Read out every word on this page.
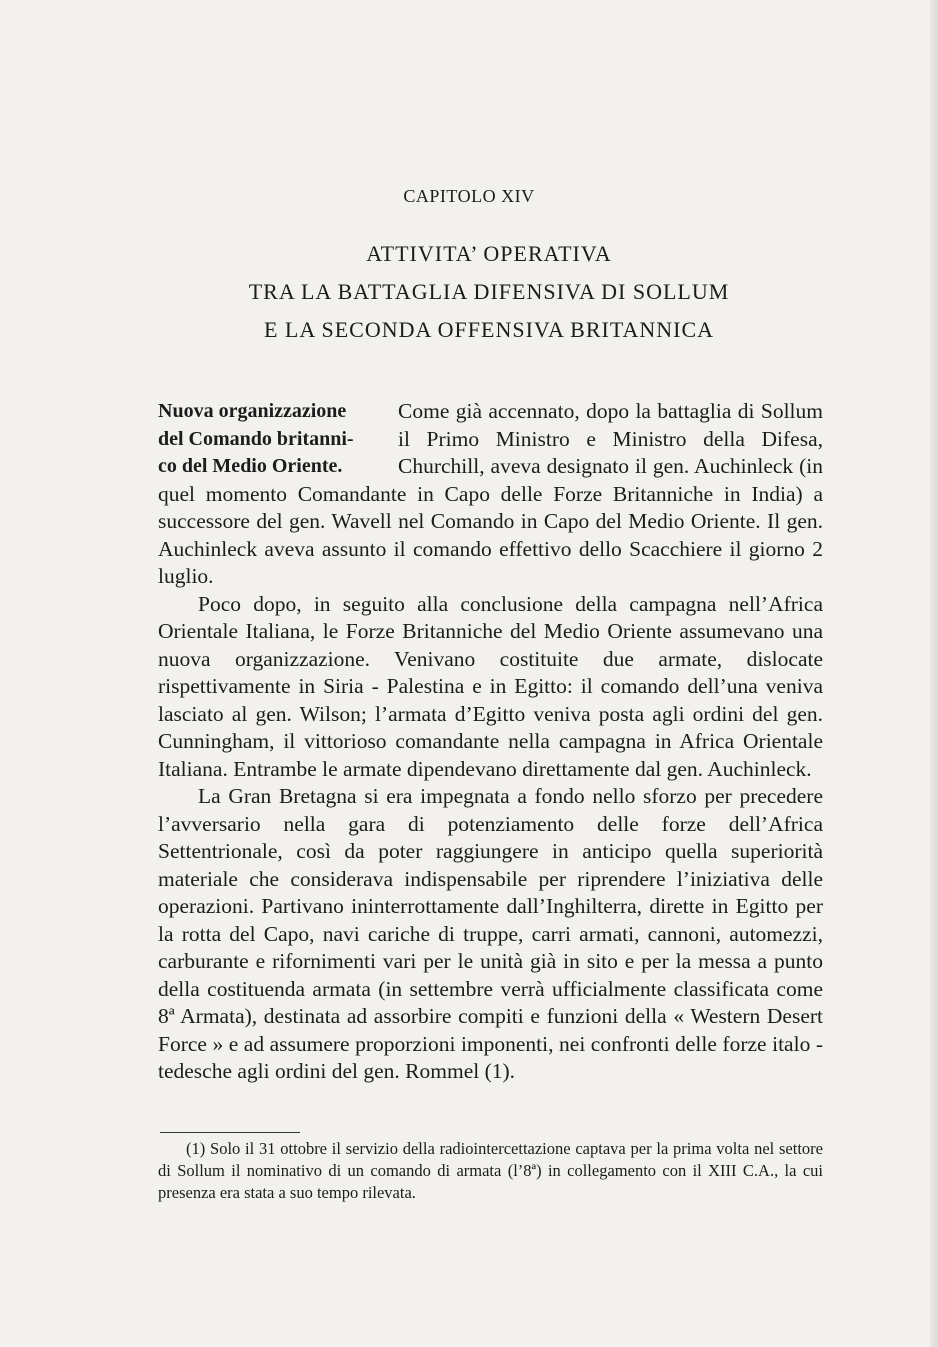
CAPITOLO XIV
ATTIVITA’ OPERATIVA
TRA LA BATTAGLIA DIFENSIVA DI SOLLUM
E LA SECONDA OFFENSIVA BRITANNICA
Nuova organizzazione
del Comando britanni-
co del Medio Oriente.

Come già accennato, dopo la battaglia di Sollum il Primo Ministro e Ministro della Difesa, Churchill, aveva designato il gen. Auchinleck (in quel momento Comandante in Capo delle Forze Britanniche in India) a successore del gen. Wavell nel Comando in Capo del Medio Oriente. Il gen. Auchinleck aveva assunto il comando effettivo dello Scacchiere il giorno 2 luglio.

Poco dopo, in seguito alla conclusione della campagna nell’Africa Orientale Italiana, le Forze Britanniche del Medio Oriente assumevano una nuova organizzazione. Venivano costituite due armate, dislocate rispettivamente in Siria - Palestina e in Egitto: il comando dell’una veniva lasciato al gen. Wilson; l’armata d’Egitto veniva posta agli ordini del gen. Cunningham, il vittorioso comandante nella campagna in Africa Orientale Italiana. Entrambe le armate dipendevano direttamente dal gen. Auchinleck.

La Gran Bretagna si era impegnata a fondo nello sforzo per precedere l’avversario nella gara di potenziamento delle forze dell’Africa Settentrionale, così da poter raggiungere in anticipo quella superiorità materiale che considerava indispensabile per riprendere l’iniziativa delle operazioni. Partivano ininterrottamente dall’Inghilterra, dirette in Egitto per la rotta del Capo, navi cariche di truppe, carri armati, cannoni, automezzi, carburante e rifornimenti vari per le unità già in sito e per la messa a punto della costituenda armata (in settembre verrà ufficialmente classificata come 8ª Armata), destinata ad assorbire compiti e funzioni della « Western Desert Force » e ad assumere proporzioni imponenti, nei confronti delle forze italo - tedesche agli ordini del gen. Rommel (1).

(1) Solo il 31 ottobre il servizio della radiointercettazione captava per la prima volta nel settore di Sollum il nominativo di un comando di armata (l’8ª) in collegamento con il XIII C.A., la cui presenza era stata a suo tempo rilevata.
